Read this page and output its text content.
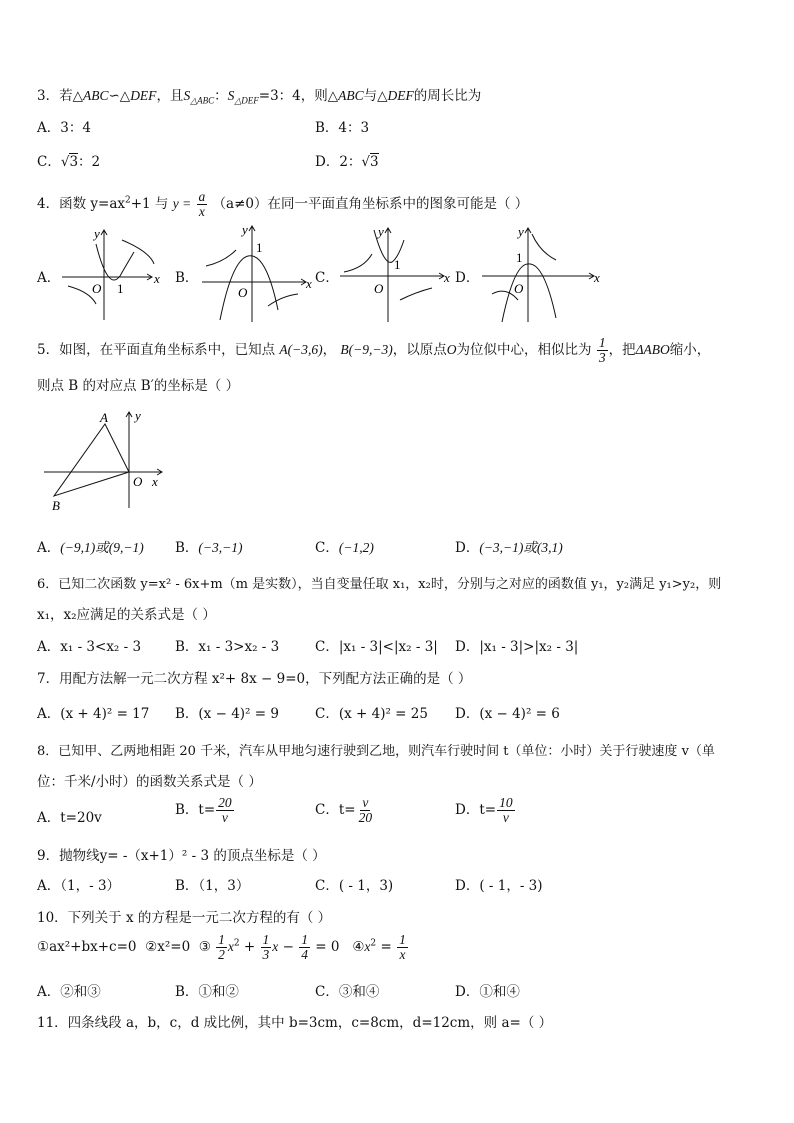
3．若△ABC∽△DEF，且$S_{\triangle ABC}$：$S_{\triangle DEF}=3$：4，则△ABC与△DEF的周长比为
A．3：4	B．4：3
C．√3：2	D．2：√3
4．函数 $y=ax^2+1$ 与 $y = \frac{a}{x} (a\ne 0)$在同一平面直角坐标系中的图象可能是（ ）
A．	B．	C．	D．
x
y
O 1	x
y
O
1
x
y
O
1
x
y
O
1
5．如图，在平面直角坐标系中，已知点 A(−3,6)， B(−9,−3)，以原点O为位似中心，相似比为 $\frac{1}{3}$ ，把ΔABO缩小，
则点 B 的对应点 B′的坐标是（ ）
A
B
O x
y
A．(−9,1)或(9,−1) B．(−3,−1)	C．(−1,2)	D．(−3,−1)或(3,1)
6．已知二次函数 y=x² - 6x+m（m 是实数），当自变量任取 x₁，x₂时，分别与之对应的函数值 y₁，y₂满足 y₁>y₂，则
x₁，x₂应满足的关系式是（ ）
A．x₁ - 3<x₂ - 3	B．x₁ - 3>x₂ - 3	C．|x₁ - 3|<|x₂ - 3| D．|x₁ - 3|>|x₂ - 3|
7．用配方法解一元二次方程 x²+ 8x − 9=0，下列配方法正确的是（ ）
A．(x + 4)² = 17 B．(x − 4)² = 9	C．(x + 4)² = 25 D．(x − 4)² = 6
8．已知甲、乙两地相距 20 千米，汽车从甲地匀速行驶到乙地，则汽车行驶时间 t（单位：小时）关于行驶速度 v（单
位：千米/小时）的函数关系式是（ ）
A．t=20v	B．$t= \frac{20}{v}$	C．$t= \frac{v}{20}$	D．$t= \frac{10}{v}$
9．抛物线y= -（x+1）² - 3 的顶点坐标是（ ）
A．（1，- 3）	B．（1，3）	C．( - 1，3)	D．( - 1，- 3)
10．下列关于 x 的方程是一元二次方程的有（ ）
①ax²+bx+c=0 ②x²=0 ③ $\frac{1}{2} x^2 + \frac{1}{3}$ $x - \frac{1}{4} = 0$   $④x^2 = \frac{1}{x}$
A．②和③	B．①和②	C．③和④	D．①和④
11．四条线段 a，b，c，d 成比例，其中 b=3cm，c=8cm，d=12cm，则 a=（ ）
